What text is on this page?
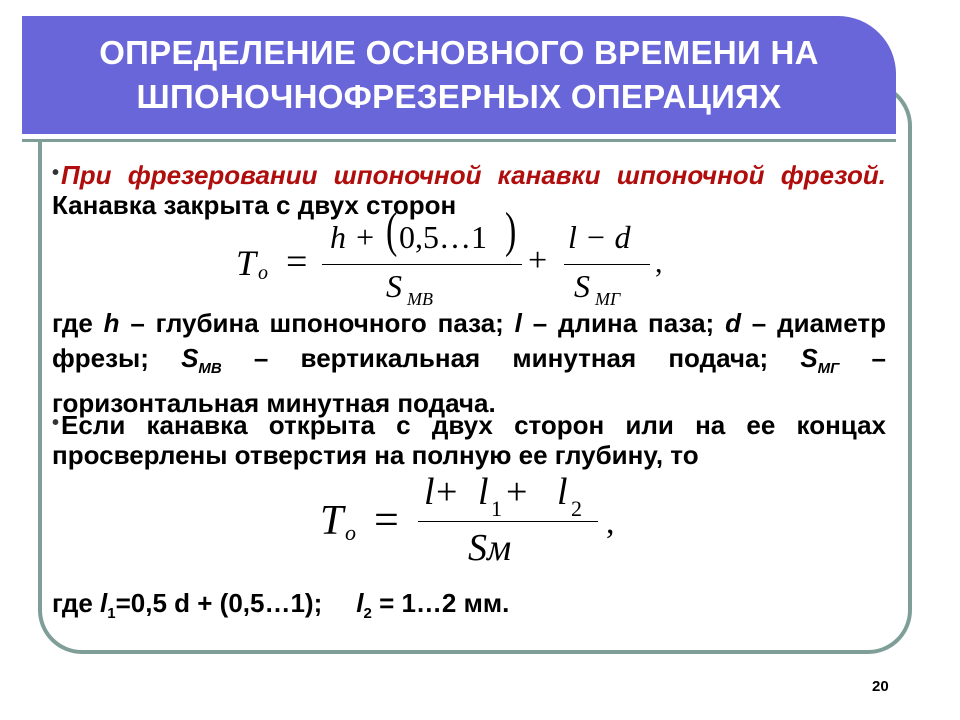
ОПРЕДЕЛЕНИЕ ОСНОВНОГО ВРЕМЕНИ НА
ШПОНОЧНОФРЕЗЕРНЫХ ОПЕРАЦИЯХ
•При фрезеровании шпоночной канавки шпоночной фрезой. Канавка закрыта с двух сторон
T o =
h + ( 0,5…1 )
S MB
+
l − d
S MГ
,
где h – глубина шпоночного паза; l – длина паза; d – диаметр фрезы; $S_{MB}$ – вертикальная минутная подача; $S_{MГ}$ – горизонтальная минутная подача.
•Если канавка открыта с двух сторон или на ее концах просверлены отверстия на полную ее глубину, то
T o =
l + l 1 + l 2
Sм
,
где $l_1=0,5$ d + (0,5…1); $l_2$ = 1…2 мм.
20
